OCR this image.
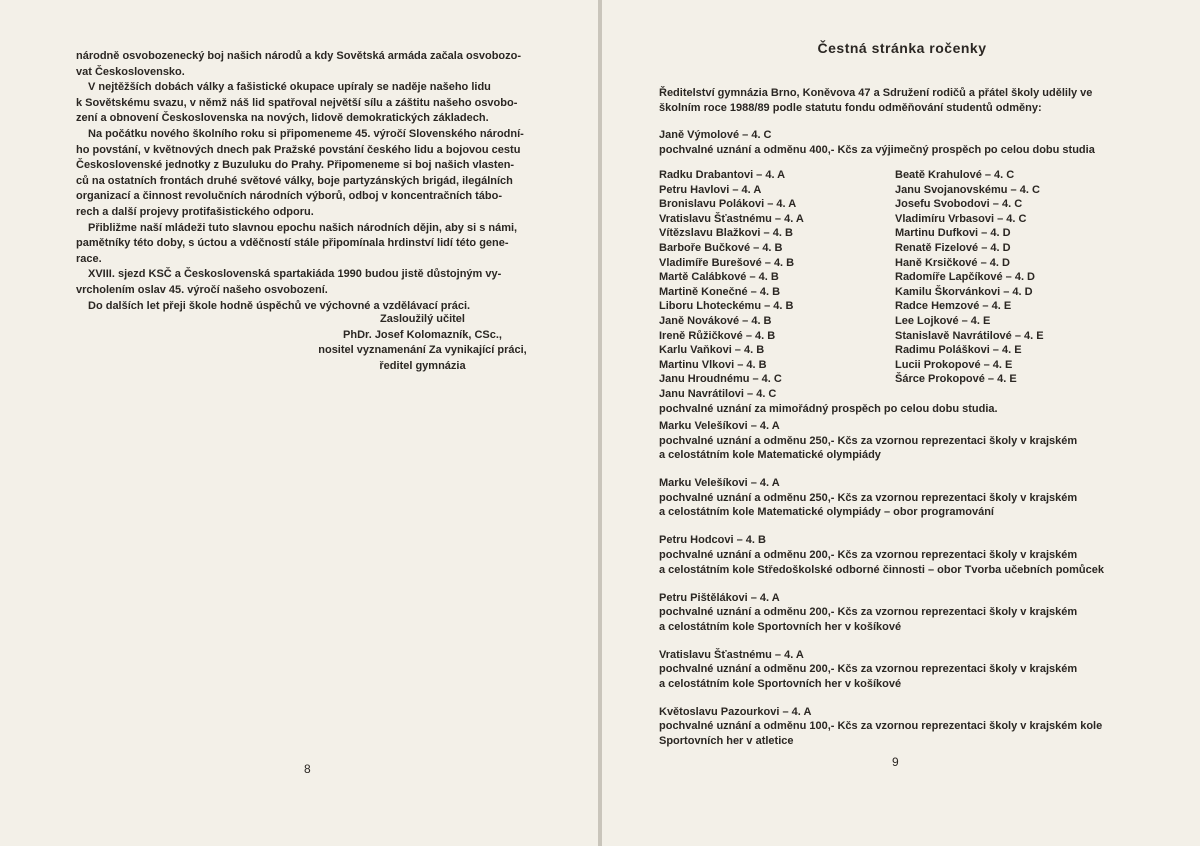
národně osvobozenecký boj našich národů a kdy Sovětská armáda začala osvobozo-
vat Československo.

V nejtěžších dobách války a fašistické okupace upíraly se naděje našeho lidu
k Sovětskému svazu, v němž náš lid spatřoval největší sílu a záštitu našeho osvobo-
zení a obnovení Československa na nových, lidově demokratických základech.

Na počátku nového školního roku si připomeneme 45. výročí Slovenského národní-
ho povstání, v květnových dnech pak Pražské povstání českého lidu a bojovou cestu
Československé jednotky z Buzuluku do Prahy. Připomeneme si boj našich vlasten-
ců na ostatních frontách druhé světové války, boje partyzánských brigád, ilegálních
organizací a činnost revolučních národních výborů, odboj v koncentračních tábo-
rech a další projevy protifašistického odporu.

Přibližme naší mládeži tuto slavnou epochu našich národních dějin, aby si s námi,
pamětníky této doby, s úctou a vděčností stále připomínala hrdinství lidí této gene-
race.

XVIII. sjezd KSČ a Československá spartakiáda 1990 budou jistě důstojným vy-
vrcholením oslav 45. výročí našeho osvobození.

Do dalších let přeji škole hodně úspěchů ve výchovné a vzdělávací práci.

Zasloužilý učitel
PhDr. Josef Kolomazník, CSc.,
nositel vyznamenání Za vynikající práci,
ředitel gymnázia
8
Čestná stránka ročenky
Ředitelství gymnázia Brno, Koněvova 47 a Sdružení rodičů a přátel školy udělily ve
školním roce 1988/89 podle statutu fondu odměňování studentů odměny:
Janě Výmolové – 4. C
pochvalné uznání a odměnu 400,- Kčs za výjimečný prospěch po celou dobu studia
Radku Drabantovi – 4. A	Beatě Krahulové – 4. C
Petru Havlovi – 4. A	Janu Svojanovskému – 4. C
Bronislavu Polákovi – 4. A	Josefu Svobodovi – 4. C
Vratislavu Šťastnému – 4. A	Vladimíru Vrbasovi – 4. C
Vítězslavu Blažkovi – 4. B	Martinu Dufkovi – 4. D
Barboře Bučkové – 4. B	Renatě Fizelové – 4. D
Vladimíře Burešové – 4. B	Haně Krsičkové – 4. D
Martě Calábkové – 4. B	Radomíře Lapčíkové – 4. D
Martině Konečné – 4. B	Kamilu Škorvánkovi – 4. D
Liboru Lhoteckému – 4. B	Radce Hemzové – 4. E
Janě Novákové – 4. B	Lee Lojkové – 4. E
Ireně Růžičkové – 4. B	Stanislavě Navrátilové – 4. E
Karlu Vaňkovi – 4. B	Radimu Poláškovi – 4. E
Martinu Vlkovi – 4. B	Lucii Prokopové – 4. E
Janu Hroudnému – 4. C	Šárce Prokopové – 4. E
Janu Navrátilovi – 4. C
pochvalné uznání za mimořádný prospěch po celou dobu studia.
Marku Velešíkovi – 4. A
pochvalné uznání a odměnu 250,- Kčs za vzornou reprezentaci školy v krajském
a celostátním kole Matematické olympiády
Marku Velešíkovi – 4. A
pochvalné uznání a odměnu 250,- Kčs za vzornou reprezentaci školy v krajském
a celostátním kole Matematické olympiády – obor programování
Petru Hodcovi – 4. B
pochvalné uznání a odměnu 200,- Kčs za vzornou reprezentaci školy v krajském
a celostátním kole Středoškolské odborné činnosti – obor Tvorba učebních pomůcek
Petru Pištělákovi – 4. A
pochvalné uznání a odměnu 200,- Kčs za vzornou reprezentaci školy v krajském
a celostátním kole Sportovních her v košíkové
Vratislavu Šťastnému – 4. A
pochvalné uznání a odměnu 200,- Kčs za vzornou reprezentaci školy v krajském
a celostátním kole Sportovních her v košíkové
Květoslavu Pazourkovi – 4. A
pochvalné uznání a odměnu 100,- Kčs za vzornou reprezentaci školy v krajském kole
Sportovních her v atletice
9
